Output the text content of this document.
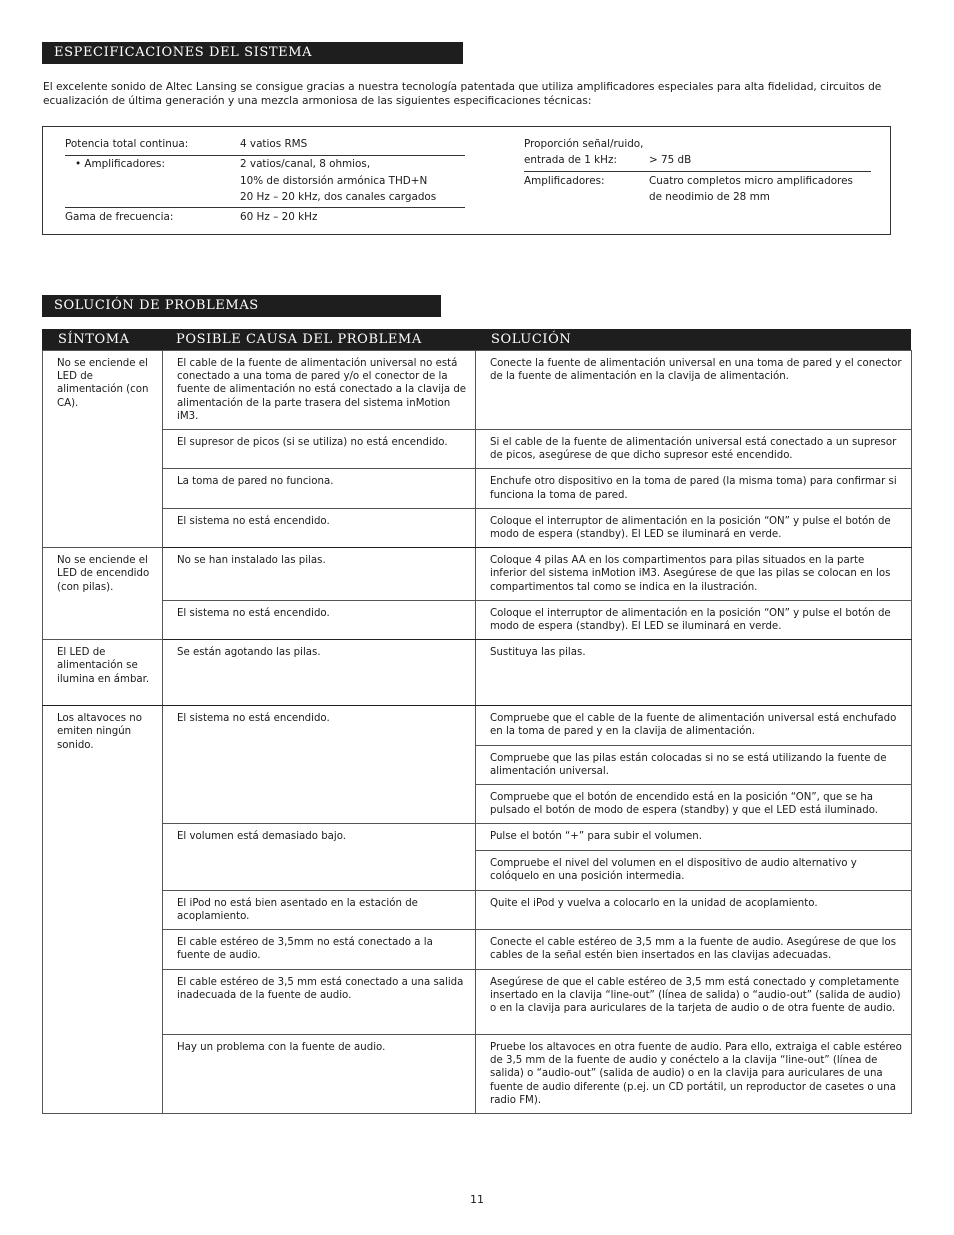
ESPECIFICACIONES DEL SISTEMA
El excelente sonido de Altec Lansing se consigue gracias a nuestra tecnología patentada que utiliza amplificadores especiales para alta fidelidad, circuitos de ecualización de última generación y una mezcla armoniosa de las siguientes especificaciones técnicas:
Potencia total continua:	4 vatios RMS
• Amplificadores:	2 vatios/canal, 8 ohmios,
10% de distorsión armónica THD+N
20 Hz – 20 kHz, dos canales cargados
Gama de frecuencia:	60 Hz – 20 kHz
Proporción señal/ruido,
entrada de 1 kHz:	> 75 dB
Amplificadores:	Cuatro completos micro amplificadores
de neodimio de 28 mm
SOLUCIÓN DE PROBLEMAS
SÍNTOMA	POSIBLE CAUSA DEL PROBLEMA	SOLUCIÓN
No se enciende el LED de alimentación (con CA).	El cable de la fuente de alimentación universal no está conectado a una toma de pared y/o el conector de la fuente de alimentación no está conectado a la clavija de alimentación de la parte trasera del sistema inMotion iM3.	Conecte la fuente de alimentación universal en una toma de pared y el conector de la fuente de alimentación en la clavija de alimentación.
	El supresor de picos (si se utiliza) no está encendido.	Si el cable de la fuente de alimentación universal está conectado a un supresor de picos, asegúrese de que dicho supresor esté encendido.
	La toma de pared no funciona.	Enchufe otro dispositivo en la toma de pared (la misma toma) para confirmar si funciona la toma de pared.
	El sistema no está encendido.	Coloque el interruptor de alimentación en la posición “ON” y pulse el botón de modo de espera (standby). El LED se iluminará en verde.
No se enciende el LED de encendido (con pilas).	No se han instalado las pilas.	Coloque 4 pilas AA en los compartimentos para pilas situados en la parte inferior del sistema inMotion iM3. Asegúrese de que las pilas se colocan en los compartimentos tal como se indica en la ilustración.
	El sistema no está encendido.	Coloque el interruptor de alimentación en la posición “ON” y pulse el botón de modo de espera (standby). El LED se iluminará en verde.
El LED de alimentación se ilumina en ámbar.	Se están agotando las pilas.	Sustituya las pilas.
Los altavoces no emiten ningún sonido.	El sistema no está encendido.	Compruebe que el cable de la fuente de alimentación universal está enchufado en la toma de pared y en la clavija de alimentación.
		Compruebe que las pilas están colocadas si no se está utilizando la fuente de alimentación universal.
		Compruebe que el botón de encendido está en la posición “ON”, que se ha pulsado el botón de modo de espera (standby) y que el LED está iluminado.
	El volumen está demasiado bajo.	Pulse el botón “+” para subir el volumen.
		Compruebe el nivel del volumen en el dispositivo de audio alternativo y colóquelo en una posición intermedia.
	El iPod no está bien asentado en la estación de acoplamiento.	Quite el iPod y vuelva a colocarlo en la unidad de acoplamiento.
	El cable estéreo de 3,5mm no está conectado a la fuente de audio.	Conecte el cable estéreo de 3,5 mm a la fuente de audio. Asegúrese de que los cables de la señal estén bien insertados en las clavijas adecuadas.
	El cable estéreo de 3,5 mm está conectado a una salida inadecuada de la fuente de audio.	Asegúrese de que el cable estéreo de 3,5 mm está conectado y completamente insertado en la clavija “line-out” (línea de salida) o “audio-out” (salida de audio) o en la clavija para auriculares de la tarjeta de audio o de otra fuente de audio.
	Hay un problema con la fuente de audio.	Pruebe los altavoces en otra fuente de audio. Para ello, extraiga el cable estéreo de 3,5 mm de la fuente de audio y conéctelo a la clavija “line-out” (línea de salida) o “audio-out” (salida de audio) o en la clavija para auriculares de una fuente de audio diferente (p.ej. un CD portátil, un reproductor de casetes o una radio FM).
11
